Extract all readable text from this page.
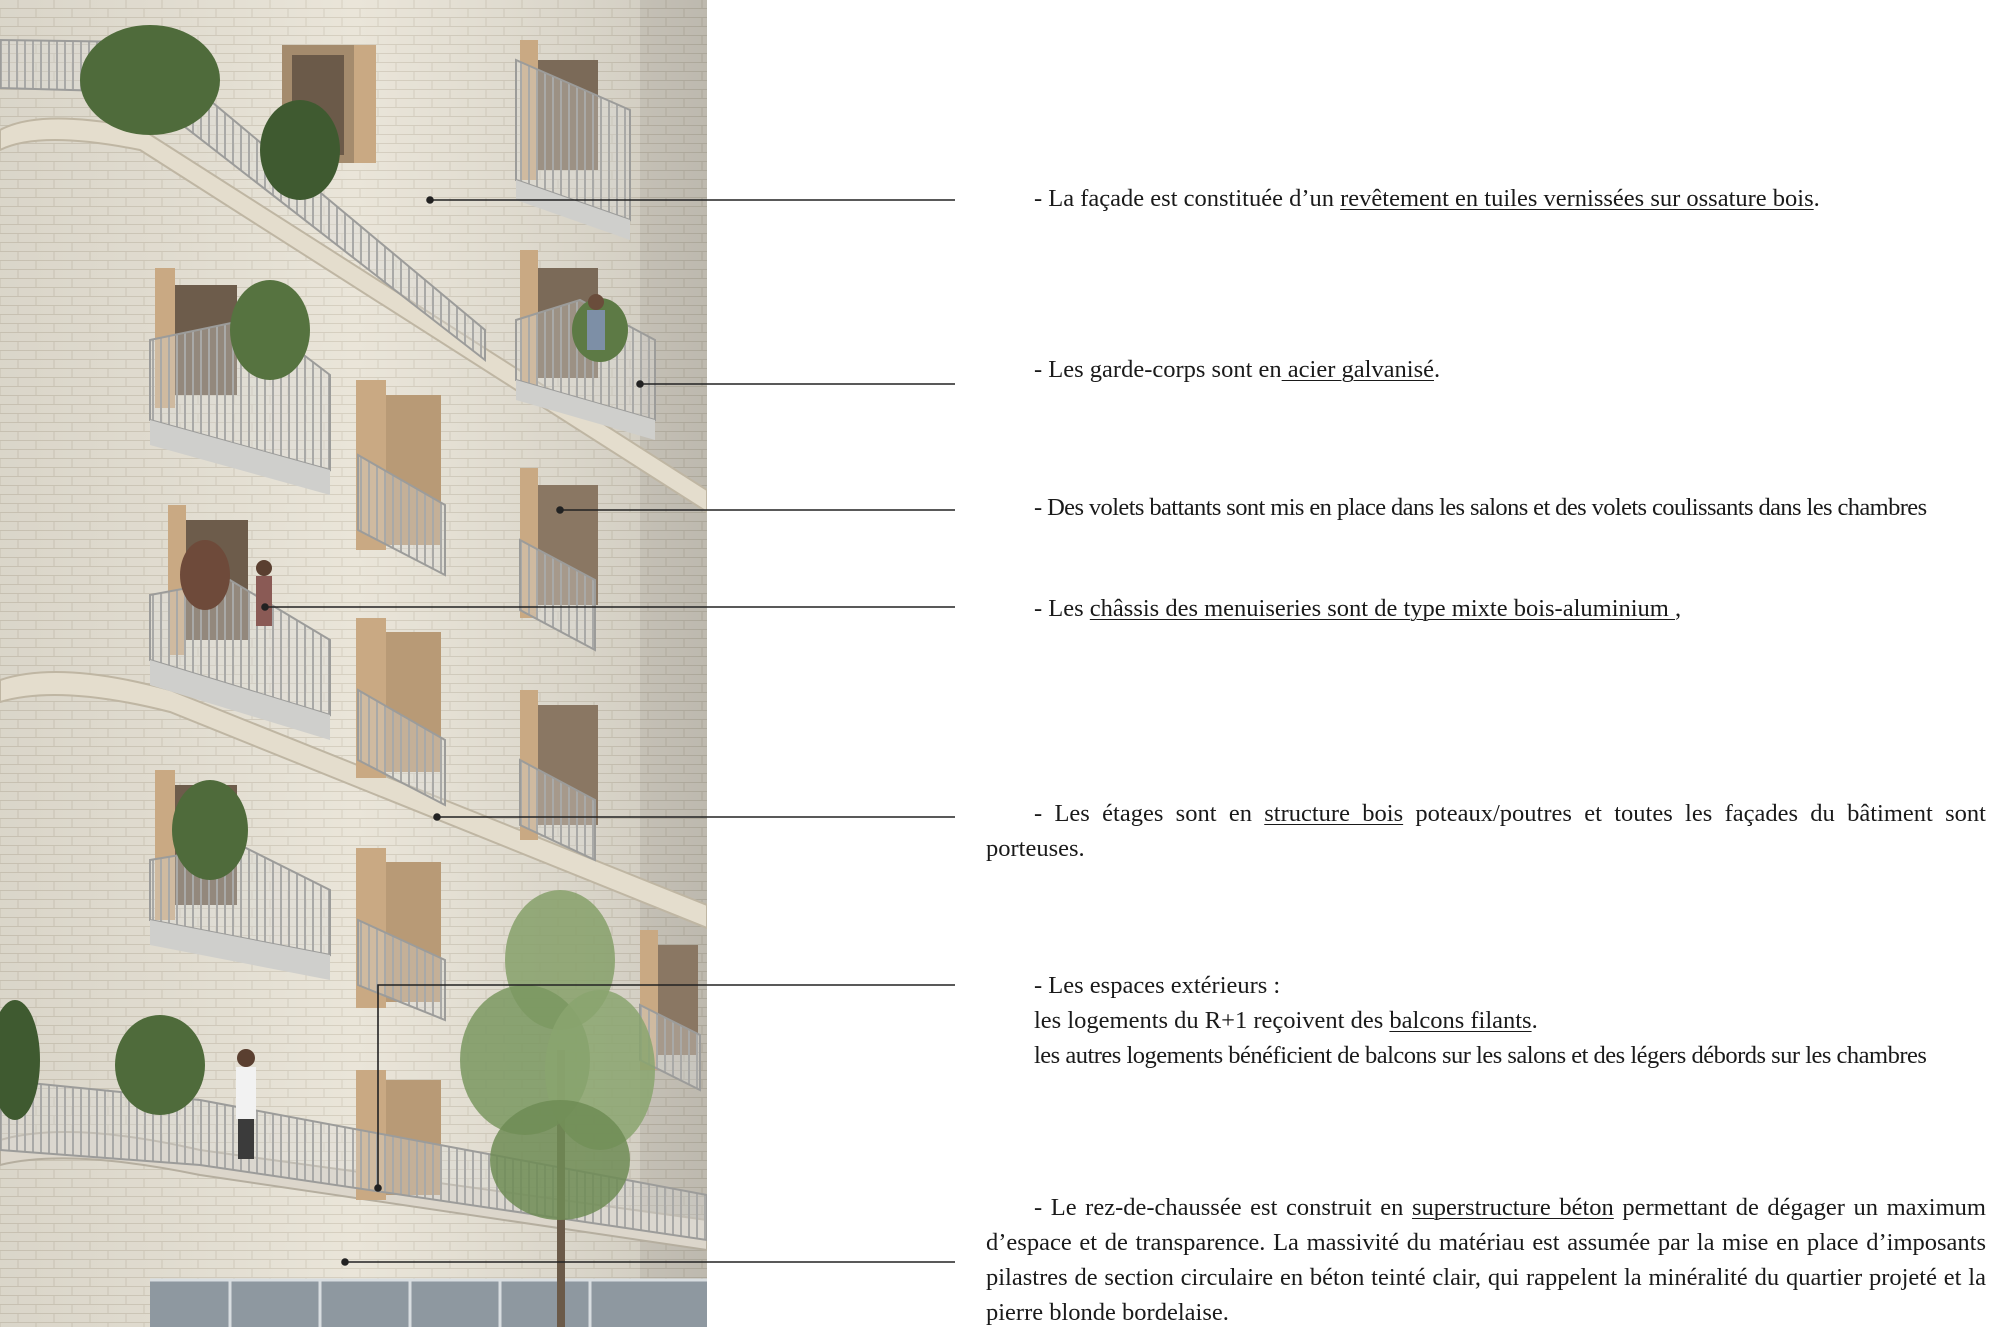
- La façade est constituée d’un revêtement en tuiles vernissées sur ossature bois.
- Les garde-corps sont en acier galvanisé.
- Des volets battants sont mis en place dans les salons et des volets coulissants dans les chambres
- Les châssis des menuiseries sont de type mixte bois-aluminium ,

- Les étages sont en structure bois poteaux/poutres et toutes les façades du bâtiment sont porteuses.

- Les espaces extérieurs :

les logements du R+1 reçoivent des balcons filants.

les autres logements bénéficient de balcons sur les salons et des légers débords sur les chambres

- Le rez-de-chaussée est construit en superstructure béton permettant de dégager un maximum d’espace et de transparence. La massivité du matériau est assumée par la mise en place d’imposants pilastres de section circulaire en béton teinté clair, qui rappelent la minéralité du quartier projeté et la pierre blonde bordelaise.
